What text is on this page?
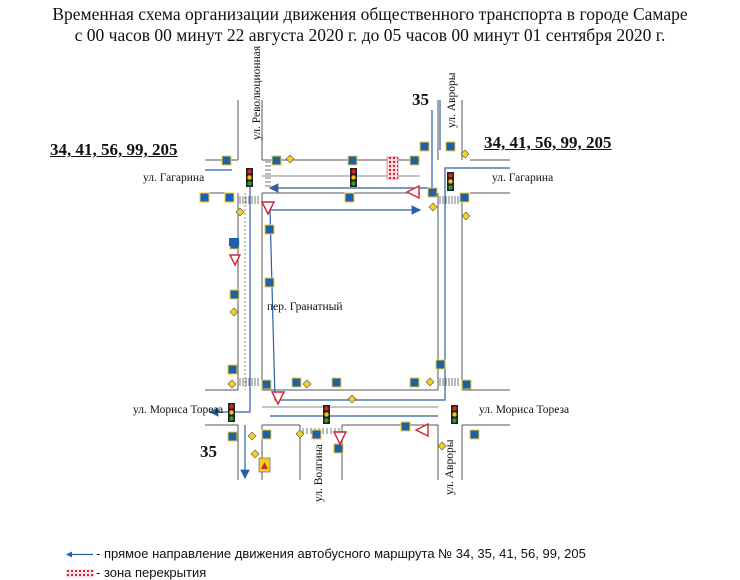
Временная схема организации движения общественного транспорта в городе Самаре
с 00 часов 00 минут 22 августа 2020 г. до 05 часов 00 минут 01 сентября 2020 г.
34, 41, 56, 99, 205	34, 41, 56, 99, 205
35
35
ул. Гагарина	ул. Гагарина
ул. Революционная	ул. Авроры
ул. Авроры
пер. Гранатный
ул. Мориса Тореза	ул. Мориса Тореза
ул. Волгина
- прямое направление движения автобусного маршрута № 34, 35, 41, 56, 99, 205
- зона перекрытия
